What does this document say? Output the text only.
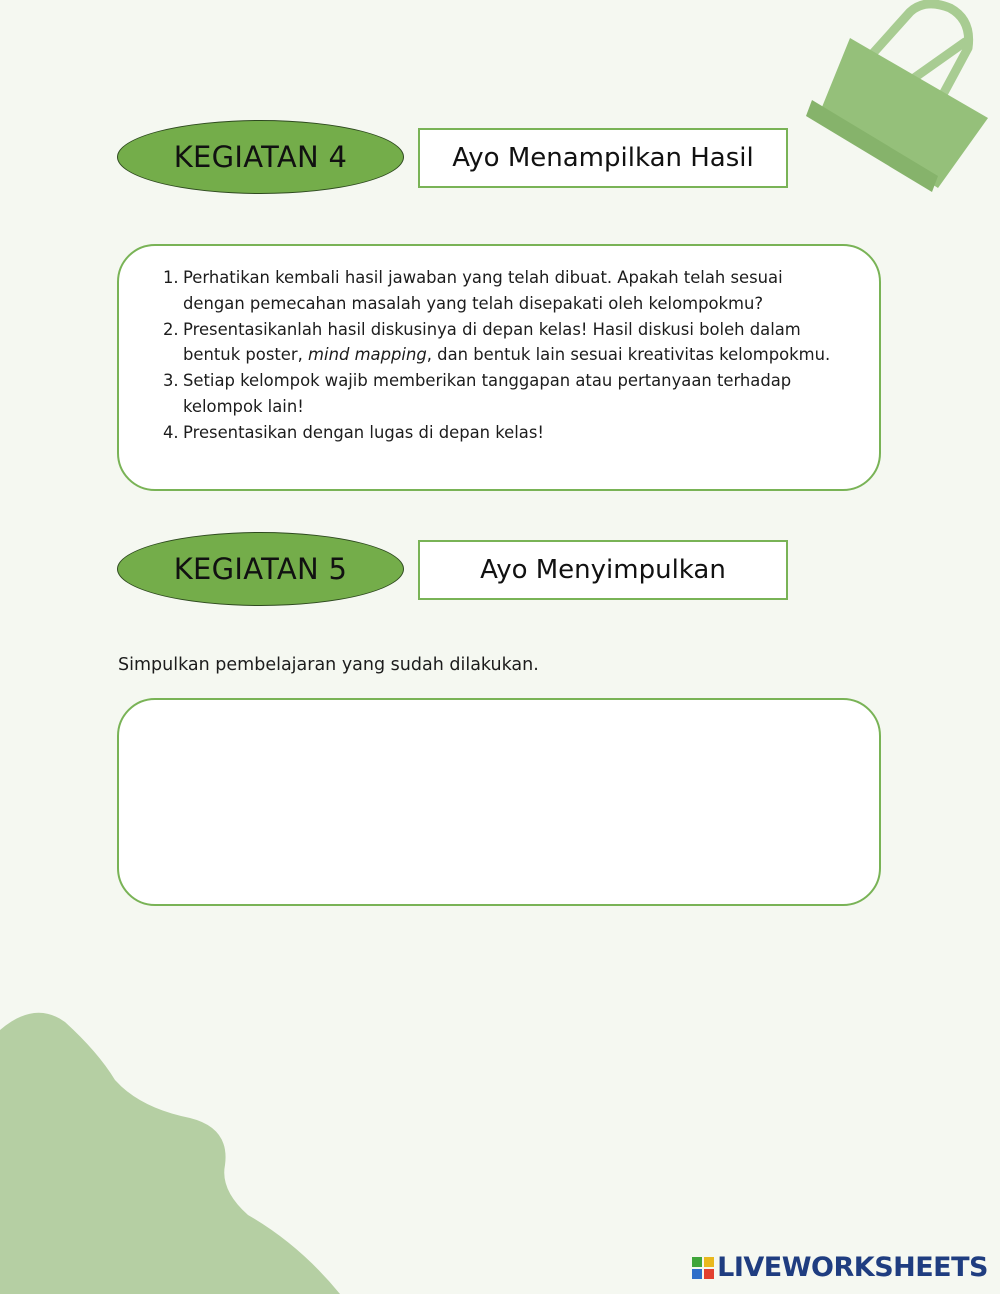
KEGIATAN 4	Ayo Menampilkan Hasil
1. Perhatikan kembali hasil jawaban yang telah dibuat. Apakah telah sesuai dengan pemecahan masalah yang telah disepakati oleh kelompokmu?
2. Presentasikanlah hasil diskusinya di depan kelas! Hasil diskusi boleh dalam bentuk poster, mind mapping, dan bentuk lain sesuai kreativitas kelompokmu.
3. Setiap kelompok wajib memberikan tanggapan atau pertanyaan terhadap kelompok lain!
4. Presentasikan dengan lugas di depan kelas!
KEGIATAN 5	Ayo Menyimpulkan
Simpulkan pembelajaran yang sudah dilakukan.
LIVEWORKSHEETS
